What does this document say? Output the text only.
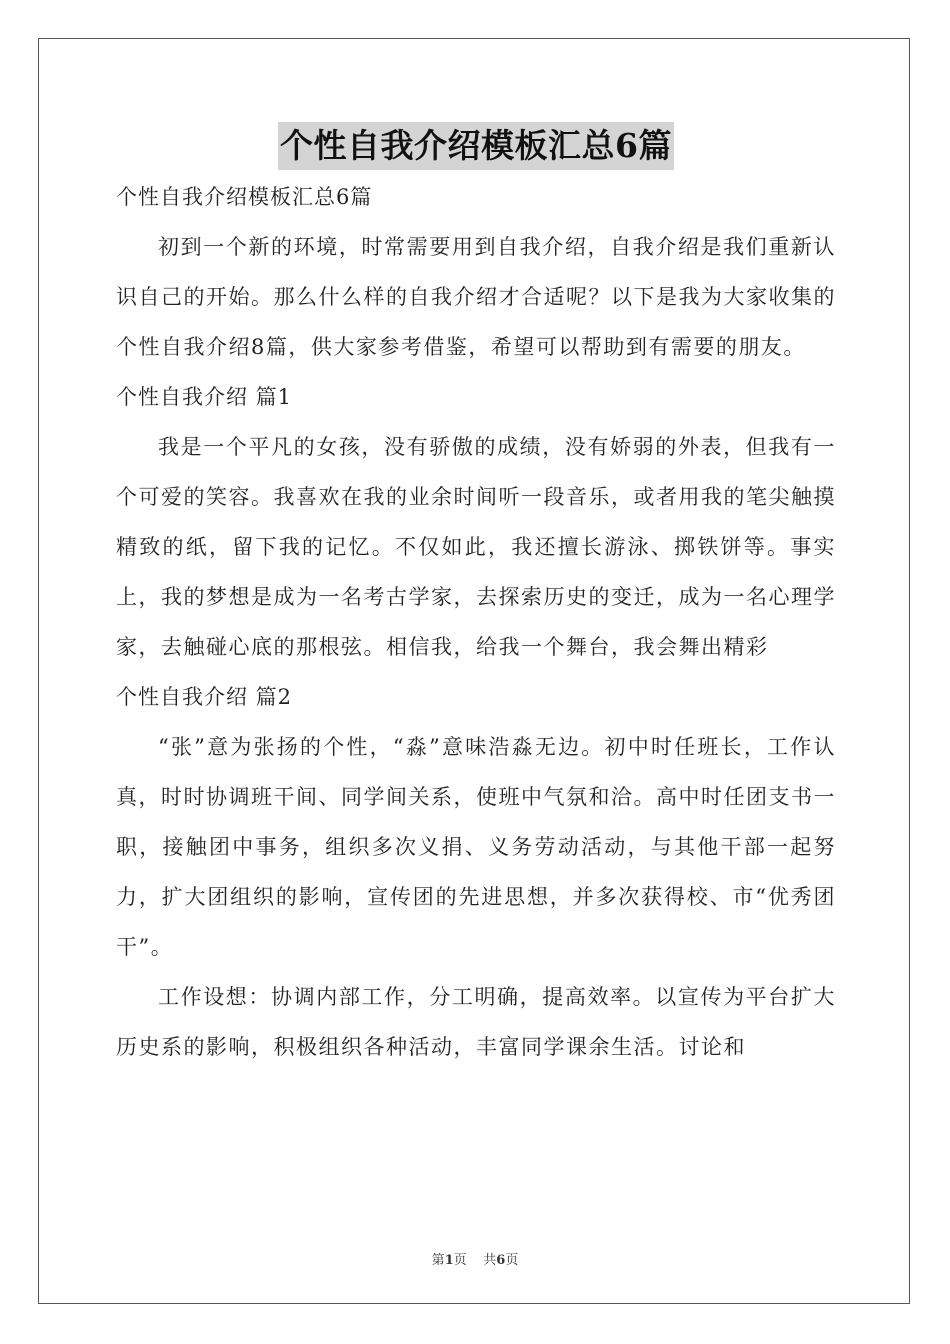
个性自我介绍模板汇总6篇

个性自我介绍模板汇总6篇

初到一个新的环境，时常需要用到自我介绍，自我介绍是我们重新认识自己的开始。那么什么样的自我介绍才合适呢？以下是我为大家收集的个性自我介绍8篇，供大家参考借鉴，希望可以帮助到有需要的朋友。

个性自我介绍 篇1

我是一个平凡的女孩，没有骄傲的成绩，没有娇弱的外表，但我有一个可爱的笑容。我喜欢在我的业余时间听一段音乐，或者用我的笔尖触摸精致的纸，留下我的记忆。不仅如此，我还擅长游泳、掷铁饼等。事实上，我的梦想是成为一名考古学家，去探索历史的变迁，成为一名心理学家，去触碰心底的那根弦。相信我，给我一个舞台，我会舞出精彩

个性自我介绍 篇2

“张”意为张扬的个性，“淼”意味浩淼无边。初中时任班长，工作认真，时时协调班干间、同学间关系，使班中气氛和洽。高中时任团支书一职，接触团中事务，组织多次义捐、义务劳动活动，与其他干部一起努力，扩大团组织的影响，宣传团的先进思想，并多次获得校、市“优秀团干”。

工作设想：协调内部工作，分工明确，提高效率。以宣传为平台扩大历史系的影响，积极组织各种活动，丰富同学课余生活。讨论和

第1页    共6页
